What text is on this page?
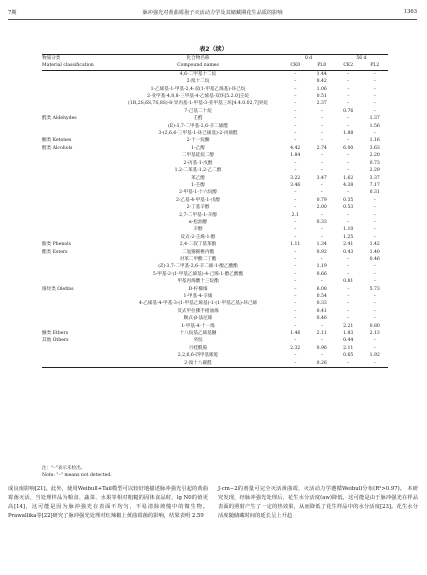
7期	脉冲强光对黄曲霉孢子灭活动力学及其储藏期花生品质的影响	1363
表2（续）
物质分类	化合物名称	0 d		56 d	
Material classification	Compound names	CK0	PL0	CK2	PL2
	4,6-二甲基十二烷	–	1.44	–	–
	2-溴十二烷	–	0.42	–	–
	1-乙烯基-1-甲基-2,4-双(1-甲基乙烯基)-环己烷	–	1.06	–	–
	2-亚甲基-4,8,8-三甲基-4-乙烯基-双环[5.2.0]壬烷	–	0.51	–	–
	(1R,2S,6S,7S,8S)-8-异丙基-1-甲基-3-亚甲基三环[4.4.0.02,7]癸烷	–	2.37	–	–
	7-己基二十烷	–	–	0.76	–
醛类 Aldehydes	壬醛	–	–	–	1.37
	(E)-3,7-二甲基-2,6-辛二烯醛	–	–	–	1.56
	3-(2,6,6-三甲基-1-环己烯基)-2-丙烯醛	–	–	1.88	–
酮类 Ketones	2-十一烷酮	–	–	–	1.16
醇类 Alcohols	1-乙醇	4.42	2.74	6.00	3.63
	二甲基硅烷二醇	1.84	–	–	2.20
	2-丙基-1-戊醇	–	–	–	0.73
	1,2-二苯基-1,2-乙二醇	–	–	–	2.29
	苯乙醇	3.22	3.47	1.62	3.37
	1-壬醇	3.46	–	4.38	7.17
	2-甲基-1-十六烷醇	–	–	–	0.31
	2-乙基-4-甲基-1-戊醇	–	0.79	0.35	–
	2-丁基辛醇	–	2.00	0.53	–
	2,7-二甲基-1-辛醇	2.1	–	–	–
	α-松油醇	–	0.33	–	–
	辛醇	–	–	1.10	–
	反式-2-壬烯-1-醇	–	–	1.25	–
酚类 Phenols	2,4-二叔丁基苯酚	1.11	1.34	2.41	1.42
酯类 Esters	二氢猕猴桃内酯	–	0.92	0.43	1.40
	对苯二甲酸二丁酯	–	–	–	0.46
	(Z)-3,7-二甲基-2,6-辛二烯-1-醇乙酸酯	–	1.19	–	–
	5-甲基-2-(1-甲基乙烯基)-4-己烯-1-醇乙酸酯	–	0.66	–	–
	甲基丙烯酸十三烷酯	–	–	0.81	–
烯烃类 Olefins	D-柠檬烯	–	6.08	–	5.73
	1-甲基-4-辛烯	–	0.54	–	–
	4-乙烯基-4-甲基-3-(1-甲基乙烯基)-1-(1-甲基乙基)-环己烯	–	0.33	–	–
	反式甲位佛手柑油烯	–	0.41	–	–
	顺式-β-法尼烯	–	0.46	–	–
	1-甲基-4-十一烯	–	–	2.21	0.80
醚类 Ethers	十八烷基乙烯基醚	1.46	2.11	1.83	2.13
其他 Others	癸烷	–	–	0.44	–
	月桂酰胺	2.32	0.96	2.11	–
	2,2,6,6-四甲基哌啶	–	–	0.65	1.92
	2-溴十八碳醛	–	0.26	–	–
注："–"表示未检出。
Note: "–" means not detected.

成良南影响[21]。此外，使用Weibull+Tail模型可以较好地描述脉冲强光引起的黄曲霉菌灭活，当处理样品为粮食、蔬菜、水果等相对粗糙的固体食品时，lg N0的值更高[14]，这可能是因为脉冲强光在表面不均匀，不易清除坡缝中的微生物。Prawallika等[22]研究了脉冲强光处理对红辣椒上黄曲霉菌的影响，结果表明 2.59

J·cm−2的剂量可完全灭活黄曲霉，灭活动力学遵循Weibull分布(R²>0.97)。 本研究发现，经脉冲强光处理后，花生水分活度(aw)降低，这可能是由于脉冲强光在样品表面的照射产生了一定的热效果，从而降低了花生样品中的水分活度[23]。花生水分活度随储藏时间的延长呈上升趋
